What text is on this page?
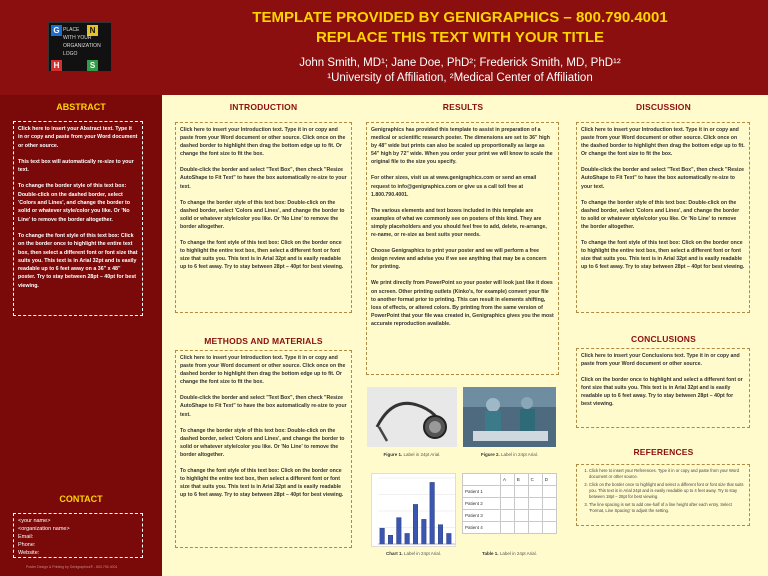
G	N
H	S
PLACE
WITH YOUR
ORGANIZATION
LOGO
TEMPLATE PROVIDED BY GENIGRAPHICS – 800.790.4001
REPLACE THIS TEXT WITH YOUR TITLE
John Smith, MD¹; Jane Doe, PhD²; Frederick Smith, MD, PhD¹²
¹University of Affiliation, ²Medical Center of Affiliation
ABSTRACT

Click here to insert your Abstract text. Type it in or copy and paste from your Word document or other source.

This text box will automatically re-size to your text.

To change the border style of this text box: Double-click on the dashed border, select 'Colors and Lines', and change the border to solid or whatever style/color you like. Or 'No Line' to remove the border altogether.

To change the font style of this text box: Click on the border once to highlight the entire text box, then select a different font or font size that suits you. This text is in Arial 32pt and is easily readable up to 6 feet away on a 36" x 48" poster. Try to stay between 28pt – 40pt for best viewing.

CONTACT
<your name>
<organization name>
Email:
Phone:
Website:
Poster Design & Printing by Genigraphics® - 800.790.4001
INTRODUCTION

Click here to insert your Introduction text. Type it in or copy and paste from your Word document or other source. Click once on the dashed border to highlight then drag the bottom edge up to fit. Or change the font size to fit the box.

Double-click the border and select "Text Box", then check "Resize AutoShape to Fit Text" to have the box automatically re-size to your text.

To change the border style of this text box: Double-click on the dashed border, select 'Colors and Lines', and change the border to solid or whatever style/color you like. Or 'No Line' to remove the border altogether.

To change the font style of this text box: Click on the border once to highlight the entire text box, then select a different font or font size that suits you. This text is in Arial 32pt and is easily readable up to 6 feet away. Try to stay between 28pt – 40pt for best viewing.

METHODS AND MATERIALS

Click here to insert your Introduction text. Type it in or copy and paste from your Word document or other source. Click once on the dashed border to highlight then drag the bottom edge up to fit. Or change the font size to fit the box.

Double-click the border and select "Text Box", then check "Resize AutoShape to Fit Text" to have the box automatically re-size to your text.

To change the border style of this text box: Double-click on the dashed border, select 'Colors and Lines', and change the border to solid or whatever style/color you like. Or 'No Line' to remove the border altogether.

To change the font style of this text box: Click on the border once to highlight the entire text box, then select a different font or font size that suits you. This text is in Arial 32pt and is easily readable up to 6 feet away. Try to stay between 28pt – 40pt for best viewing.

RESULTS

Genigraphics has provided this template to assist in preparation of a medical or scientific research poster. The dimensions are set to 36" high by 48" wide but prints can also be scaled up proportionally as large as 54" high by 72" wide. When you order your print we will know to scale the original file to the size you specify.

For other sizes, visit us at www.genigraphics.com or send an email request to info@genigraphics.com or give us a call toll free at 1.800.790.4001.

The various elements and text boxes included in this template are examples of what we commonly see on posters of this kind. They are simply placeholders and you should feel free to add, delete, re-arrange, re-name, or re-size as best suits your needs.

Choose Genigraphics to print your poster and we will perform a free design review and advise you if we see anything that may be a concern for printing.

We print directly from PowerPoint so your poster will look just like it does on screen. Other printing outlets (Kinko's, for example) convert your file to another format prior to printing. This can result in elements shifting, loss of effects, or altered colors. By printing from the same version of PowerPoint that your file was created in, Genigraphics gives you the most accurate reproduction available.

Figure 1. Label in 24pt Arial.	Figure 2. Label in 24pt Arial.
Chart 1. Label in 24pt Arial.
	A	B	C	D
Patient 1				
Patient 2				
Patient 3				
Patient 4				
Table 1. Label in 24pt Arial.
DISCUSSION

Click here to insert your Introduction text. Type it in or copy and paste from your Word document or other source. Click once on the dashed border to highlight then drag the bottom edge up to fit. Or change the font size to fit the box.

Double-click the border and select "Text Box", then check "Resize AutoShape to Fit Text" to have the box automatically re-size to your text.

To change the border style of this text box: Double-click on the dashed border, select 'Colors and Lines', and change the border to solid or whatever style/color you like. Or 'No Line' to remove the border altogether.

To change the font style of this text box: Click on the border once to highlight the entire text box, then select a different font or font size that suits you. This text is in Arial 32pt and is easily readable up to 6 feet away. Try to stay between 28pt – 40pt for best viewing.

CONCLUSIONS

Click here to insert your Conclusions text. Type it in or copy and paste from your Word document or other source.

Click on the border once to highlight and select a different font or font size that suits you. This text is in Arial 32pt and is easily readable up to 6 feet away. Try to stay between 28pt – 40pt for best viewing.

REFERENCES
1. Click here to insert your References. Type it in or copy and paste from your Word document or other source.
2. Click on the border once to highlight and select a different font or font size that suits you. This text is in Arial 24pt and is easily readable up to 4 feet away. Try to stay between 18pt – 28pt for best viewing.
3. The line spacing is set to add one-half of a line height after each entry. Select 'Format, Line Spacing' to adjust the setting.
